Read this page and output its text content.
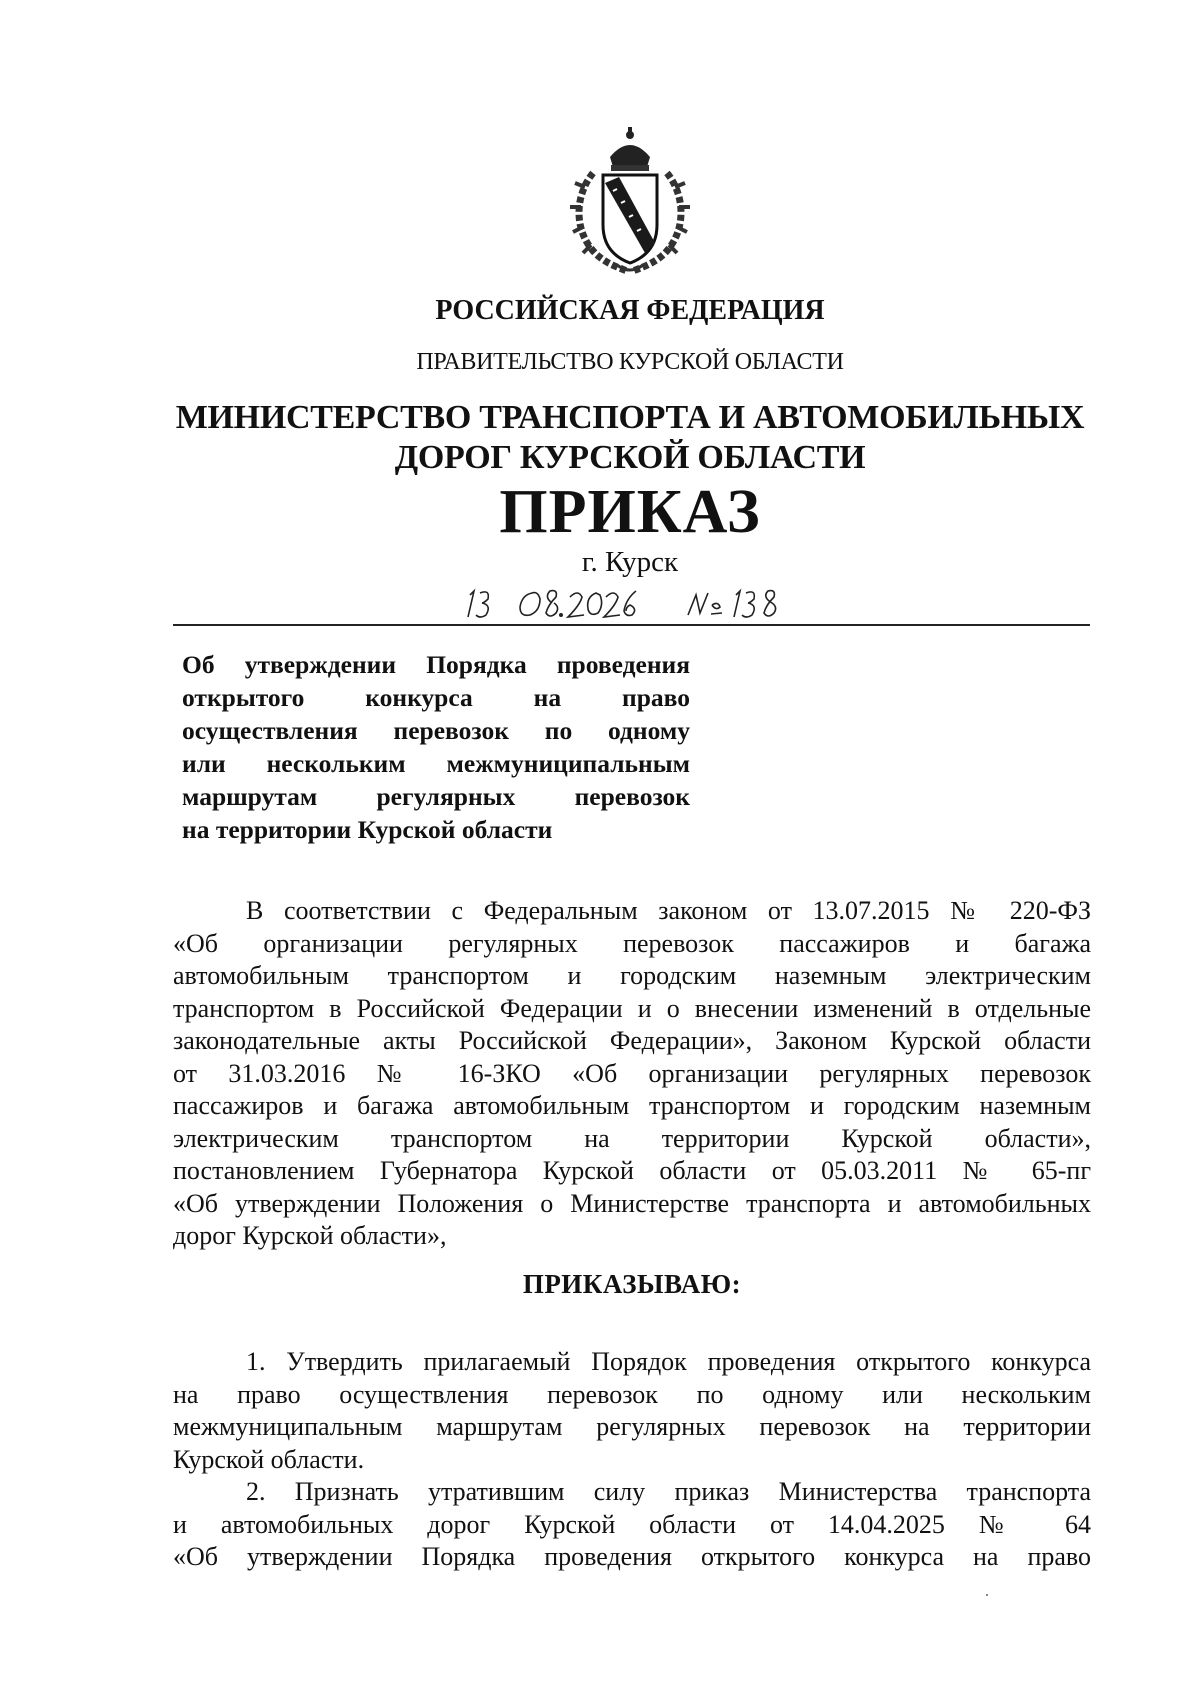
РОССИЙСКАЯ ФЕДЕРАЦИЯ
ПРАВИТЕЛЬСТВО КУРСКОЙ ОБЛАСТИ
МИНИСТЕРСТВО ТРАНСПОРТА И АВТОМОБИЛЬНЫХ
ДОРОГ КУРСКОЙ ОБЛАСТИ
ПРИКАЗ
г. Курск
Об утверждении Порядка проведения
открытого конкурса на право
осуществления перевозок по одному
или нескольким межмуниципальным
маршрутам регулярных перевозок
на территории Курской области
В соответствии с Федеральным законом от 13.07.2015 № 220-ФЗ
«Об организации регулярных перевозок пассажиров и багажа
автомобильным транспортом и городским наземным электрическим
транспортом в Российской Федерации и о внесении изменений в отдельные
законодательные акты Российской Федерации», Законом Курской области
от 31.03.2016 № 16-ЗКО «Об организации регулярных перевозок
пассажиров и багажа автомобильным транспортом и городским наземным
электрическим транспортом на территории Курской области»,
постановлением Губернатора Курской области от 05.03.2011 № 65-пг
«Об утверждении Положения о Министерстве транспорта и автомобильных
дорог Курской области»,
ПРИКАЗЫВАЮ:
1. Утвердить прилагаемый Порядок проведения открытого конкурса
на право осуществления перевозок по одному или нескольким
межмуниципальным маршрутам регулярных перевозок на территории
Курской области.
2. Признать утратившим силу приказ Министерства транспорта
и автомобильных дорог Курской области от 14.04.2025 № 64
«Об утверждении Порядка проведения открытого конкурса на право
